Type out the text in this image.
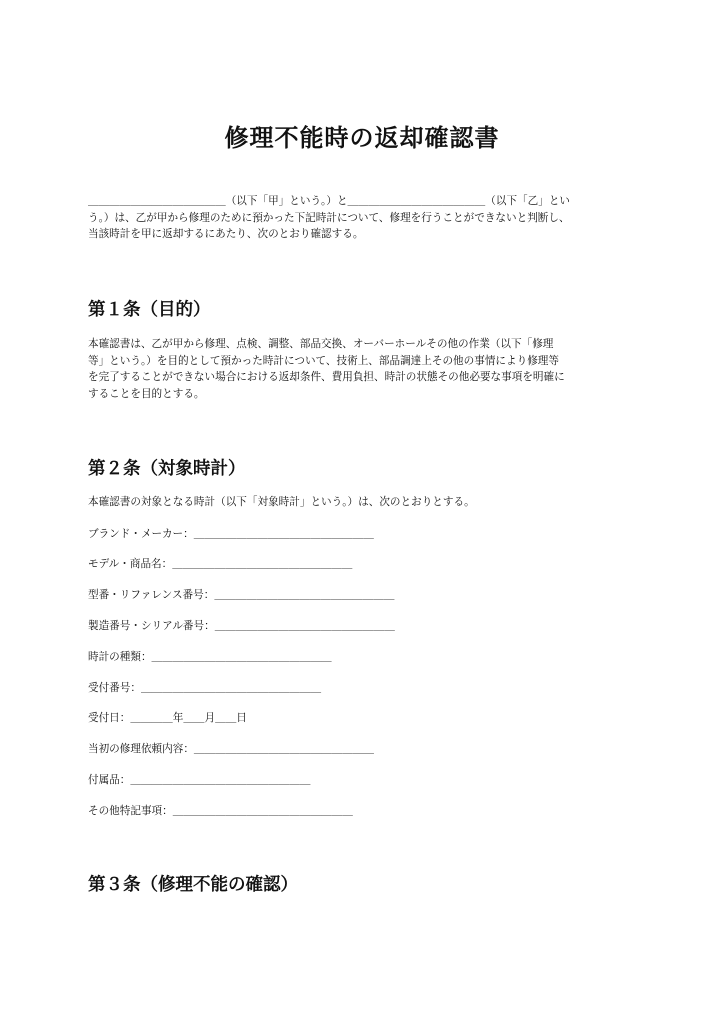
修理不能時の返却確認書

＿＿＿＿＿＿＿＿＿＿＿＿＿（以下「甲」という。）と＿＿＿＿＿＿＿＿＿＿＿＿＿（以下「乙」とい
う。）は、乙が甲から修理のために預かった下記時計について、修理を行うことができないと判断し、
当該時計を甲に返却するにあたり、次のとおり確認する。

第１条（目的）

本確認書は、乙が甲から修理、点検、調整、部品交換、オーバーホールその他の作業（以下「修理
等」という。）を目的として預かった時計について、技術上、部品調達上その他の事情により修理等
を完了することができない場合における返却条件、費用負担、時計の状態その他必要な事項を明確に
することを目的とする。

第２条（対象時計）

本確認書の対象となる時計（以下「対象時計」という。）は、次のとおりとする。

ブランド・メーカー：＿＿＿＿＿＿＿＿＿＿＿＿＿＿＿＿＿

モデル・商品名：＿＿＿＿＿＿＿＿＿＿＿＿＿＿＿＿＿

型番・リファレンス番号：＿＿＿＿＿＿＿＿＿＿＿＿＿＿＿＿＿

製造番号・シリアル番号：＿＿＿＿＿＿＿＿＿＿＿＿＿＿＿＿＿

時計の種類：＿＿＿＿＿＿＿＿＿＿＿＿＿＿＿＿＿

受付番号：＿＿＿＿＿＿＿＿＿＿＿＿＿＿＿＿＿

受付日：＿＿＿＿年＿＿月＿＿日

当初の修理依頼内容：＿＿＿＿＿＿＿＿＿＿＿＿＿＿＿＿＿

付属品：＿＿＿＿＿＿＿＿＿＿＿＿＿＿＿＿＿

その他特記事項：＿＿＿＿＿＿＿＿＿＿＿＿＿＿＿＿＿

第３条（修理不能の確認）
